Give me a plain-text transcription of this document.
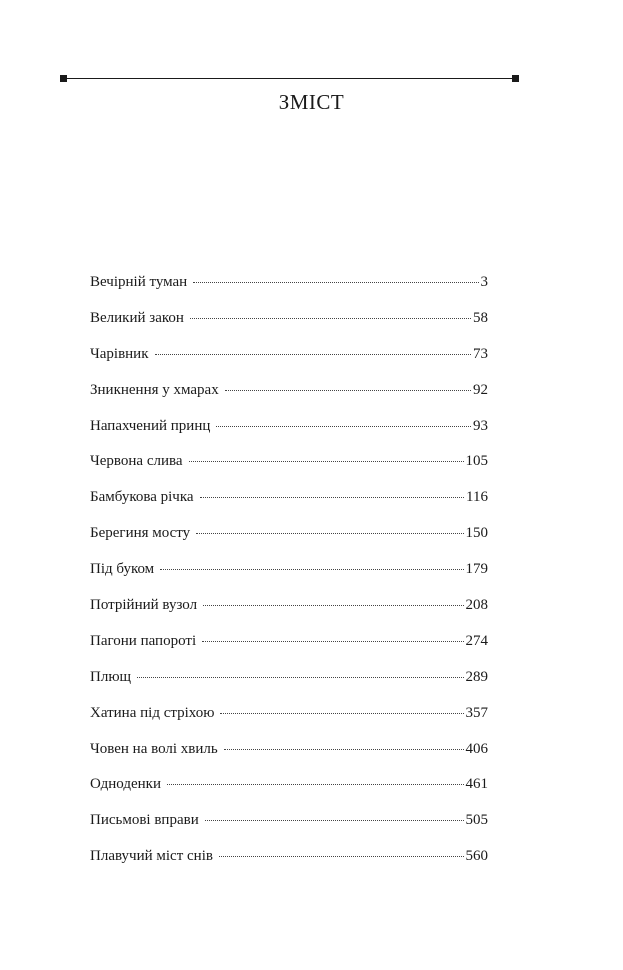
ЗМІСТ
Вечірній туман	3
Великий закон	58
Чарівник	73
Зникнення у хмарах	92
Напахчений принц	93
Червона слива	105
Бамбукова річка	116
Берегиня мосту	150
Під буком	179
Потрійний вузол	208
Пагони папороті	274
Плющ	289
Хатина під стріхою	357
Човен на волі хвиль	406
Одноденки	461
Письмові вправи	505
Плавучий міст снів	560
